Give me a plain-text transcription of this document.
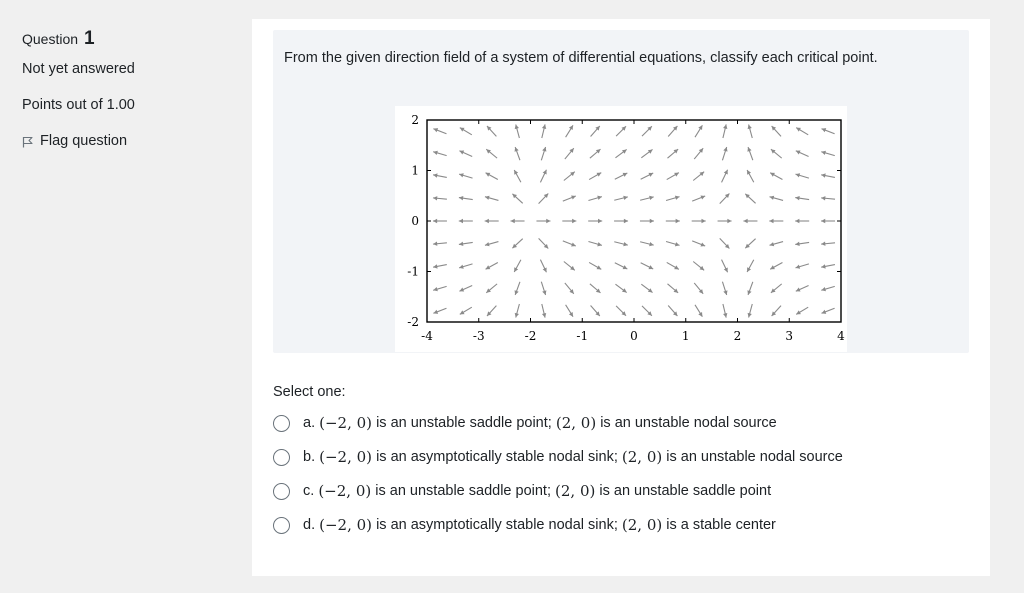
Question 1
Not yet answered
Points out of 1.00
Flag question
From the given direction field of a system of differential equations, classify each critical point.
-4	-3	-2	-1	0	1	2	3	4
2
1
0
-1
-2
Select one:
a.
(−2, 0)
is an unstable saddle point;
(2, 0)
is an unstable nodal source
b.
(−2, 0)
is an asymptotically stable nodal sink;
(2, 0)
is an unstable nodal source
c.
(−2, 0)
is an unstable saddle point;
(2, 0)
is an unstable saddle point
d.
(−2, 0)
is an asymptotically stable nodal sink;
(2, 0)
is a stable center
